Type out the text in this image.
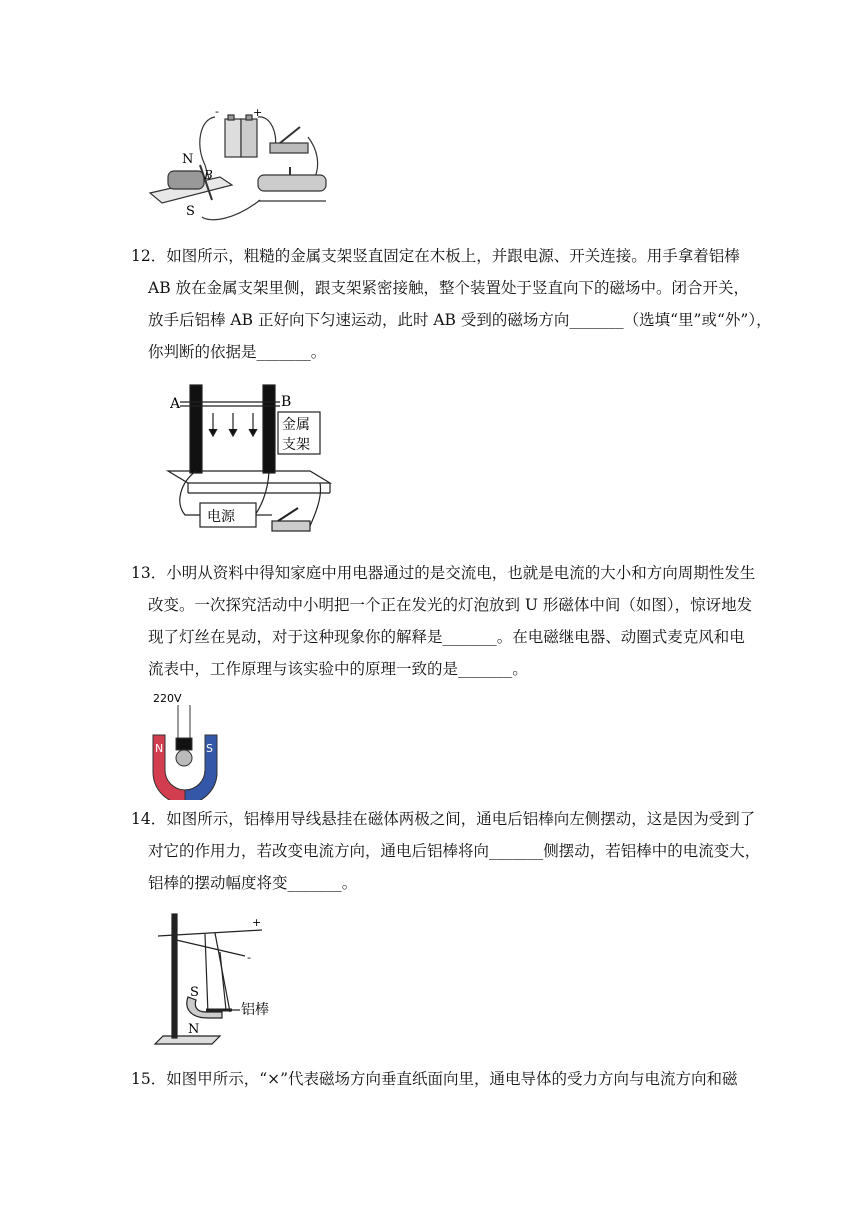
-	+
N
B
S
12．如图所示，粗糙的金属支架竖直固定在木板上，并跟电源、开关连接。用手拿着铝棒
AB 放在金属支架里侧，跟支架紧密接触，整个装置处于竖直向下的磁场中。闭合开关，
放手后铝棒 AB 正好向下匀速运动，此时 AB 受到的磁场方向_______（选填“里”或“外”），
你判断的依据是_______。
A	B
金属
支架
电源
13．小明从资料中得知家庭中用电器通过的是交流电，也就是电流的大小和方向周期性发生
改变。一次探究活动中小明把一个正在发光的灯泡放到 U 形磁体中间（如图），惊讶地发
现了灯丝在晃动，对于这种现象你的解释是_______。在电磁继电器、动圈式麦克风和电
流表中，工作原理与该实验中的原理一致的是_______。
220V
N	S
14．如图所示，铝棒用导线悬挂在磁体两极之间，通电后铝棒向左侧摆动，这是因为受到了
对它的作用力，若改变电流方向，通电后铝棒将向_______侧摆动，若铝棒中的电流变大，
铝棒的摆动幅度将变_______。
+
-
S
N
铝棒
15．如图甲所示，“×”代表磁场方向垂直纸面向里，通电导体的受力方向与电流方向和磁
